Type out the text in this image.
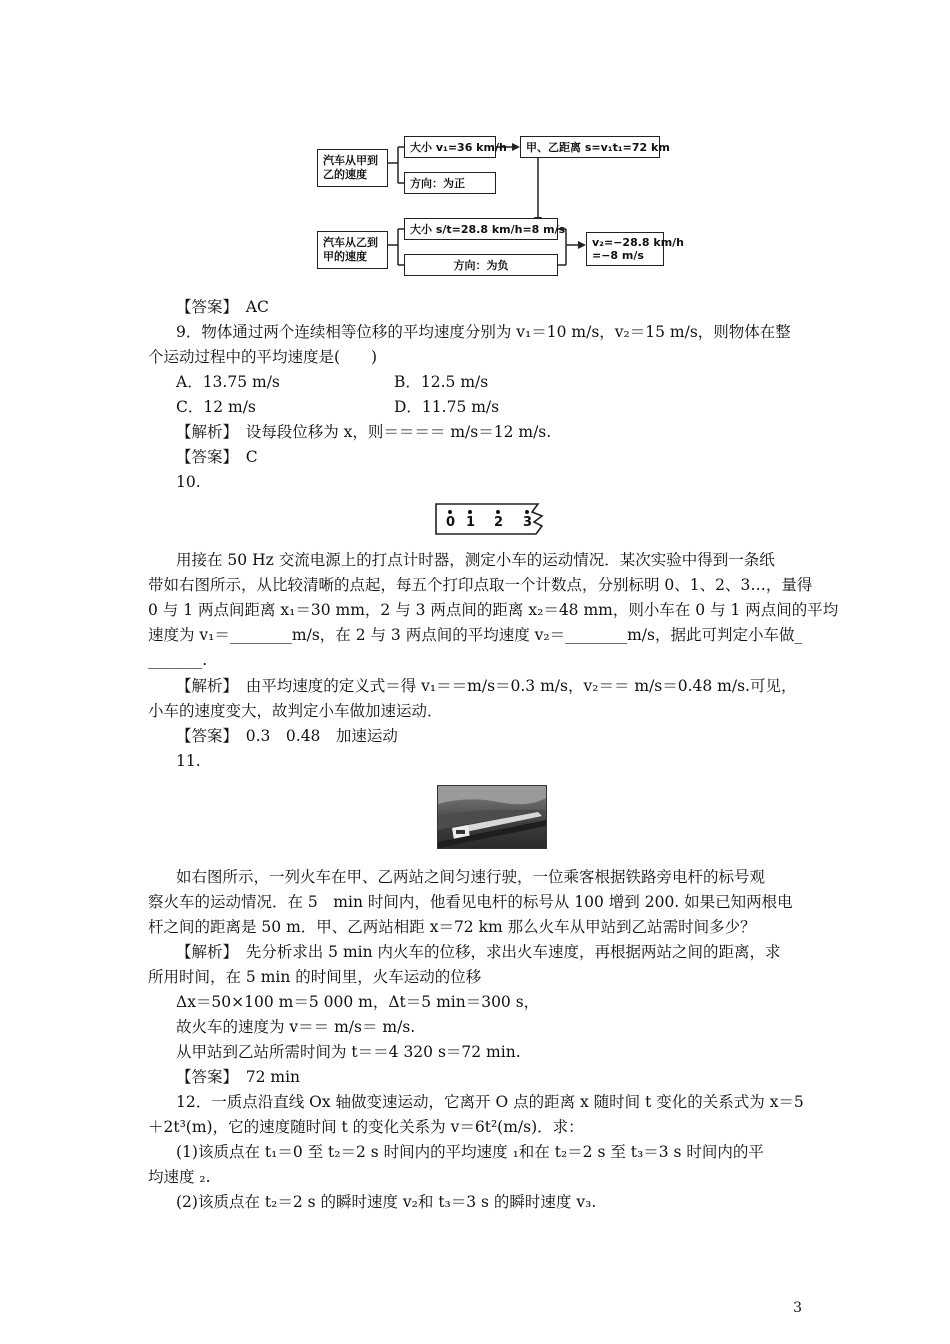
汽车从甲到
乙的速度
大小 v₁=36 km/h
方向：为正
甲、乙距离 s=v₁t₁=72 km
汽车从乙到
甲的速度
大小 s/t=28.8 km/h=8 m/s
方向：为负
v₂=−28.8 km/h
=−8 m/s
【答案】　AC
9．物体通过两个连续相等位移的平均速度分别为 v₁＝10 m/s，v₂＝15 m/s，则物体在整
个运动过程中的平均速度是(　　)
A．13.75 m/s	B．12.5 m/s
C．12 m/s	D．11.75 m/s
【解析】　设每段位移为 x，则＝＝＝＝ m/s＝12 m/s.
【答案】　C
10.
0 1 2 3
用接在 50 Hz 交流电源上的打点计时器，测定小车的运动情况．某次实验中得到一条纸
带如右图所示，从比较清晰的点起，每五个打印点取一个计数点，分别标明 0、1、2、3…，量得
0 与 1 两点间距离 x₁＝30 mm，2 与 3 两点间的距离 x₂＝48 mm，则小车在 0 与 1 两点间的平均
速度为 v₁＝________m/s，在 2 与 3 两点间的平均速度 v₂＝________m/s，据此可判定小车做_
_______.
【解析】　由平均速度的定义式＝得 v₁＝＝m/s＝0.3 m/s，v₂＝＝ m/s＝0.48 m/s.可见，
小车的速度变大，故判定小车做加速运动．
【答案】　0.3　0.48　加速运动
11.
如右图所示，一列火车在甲、乙两站之间匀速行驶，一位乘客根据铁路旁电杆的标号观
察火车的运动情况．在 5　min 时间内，他看见电杆的标号从 100 增到 200. 如果已知两根电
杆之间的距离是 50 m．甲、乙两站相距 x＝72 km 那么火车从甲站到乙站需时间多少？
【解析】　先分析求出 5 min 内火车的位移，求出火车速度，再根据两站之间的距离，求
所用时间，在 5 min 的时间里，火车运动的位移
Δx＝50×100 m＝5 000 m，Δt＝5 min＝300 s，
故火车的速度为 v＝＝ m/s＝ m/s.
从甲站到乙站所需时间为 t＝＝4 320 s＝72 min.
【答案】　72 min
12．一质点沿直线 Ox 轴做变速运动，它离开 O 点的距离 x 随时间 t 变化的关系式为 x＝5
＋2t³(m)，它的速度随时间 t 的变化关系为 v＝6t²(m/s)．求：
(1)该质点在 t₁＝0 至 t₂＝2 s 时间内的平均速度 ₁和在 t₂＝2 s 至 t₃＝3 s 时间内的平
均速度 ₂.
(2)该质点在 t₂＝2 s 的瞬时速度 v₂和 t₃＝3 s 的瞬时速度 v₃.
3
